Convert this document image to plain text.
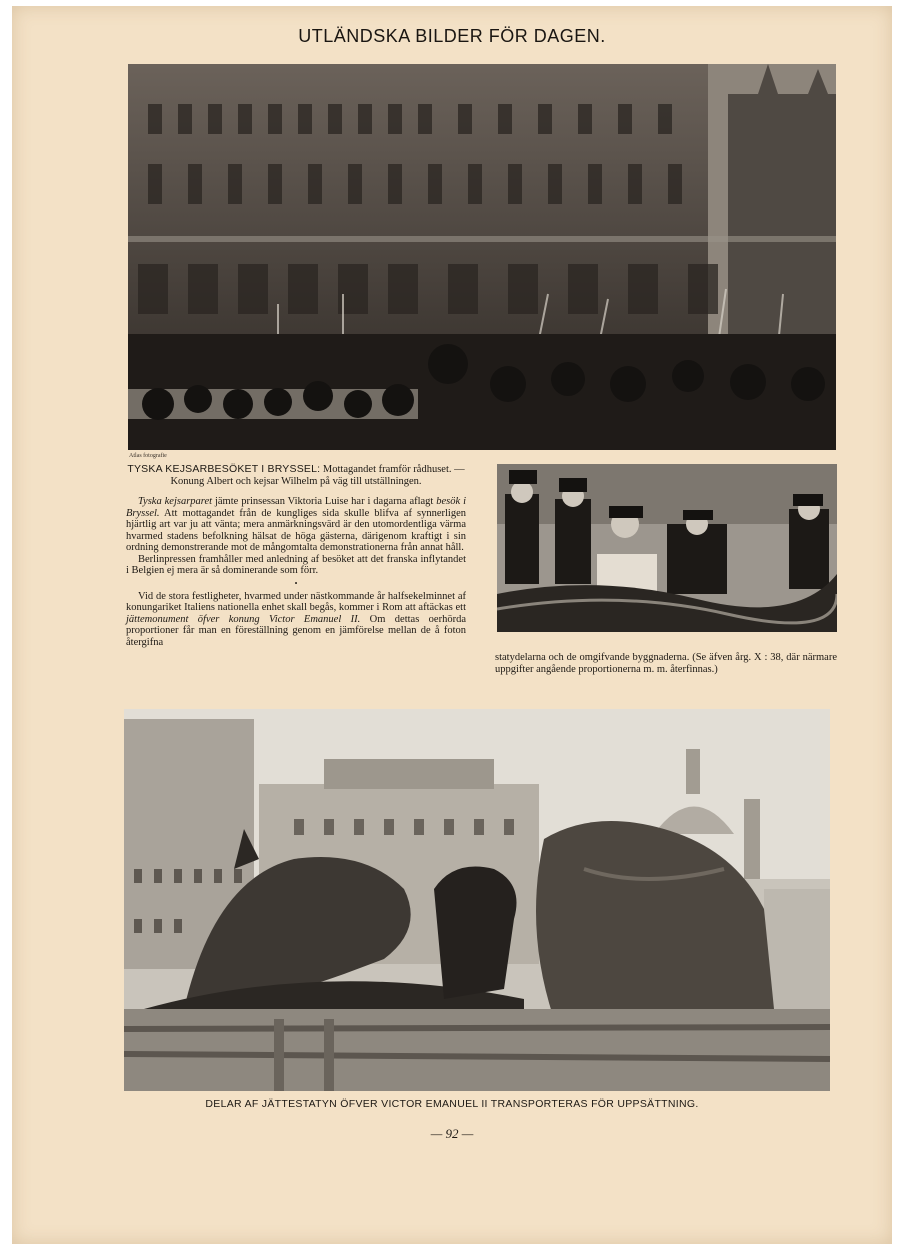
UTLÄNDSKA BILDER FÖR DAGEN.
Atlas fotografie
TYSKA KEJSARBESÖKET I BRYSSEL: Mottagandet framför rådhuset. — Konung Albert och kejsar Wilhelm på väg till utställningen.
Tyska kejsarparet jämte prinsessan Viktoria Luise har i dagarna aflagt besök i Bryssel. Att mottagandet från de kungliges sida skulle blifva af synnerligen hjärtlig art var ju att vänta; mera anmärkningsvärd är den utomordentliga värma hvarmed stadens befolkning hälsat de höga gästerna, därigenom kraftigt i sin ordning demonstrerande mot de mångomtalta demonstrationerna från annat håll.
Berlinpressen framhåller med anledning af besöket att det franska inflytandet i Belgien ej mera är så dominerande som förr.
•
Vid de stora festligheter, hvarmed under nästkommande år halfsekelminnet af konungariket Italiens nationella enhet skall begås, kommer i Rom att aftäckas ett jättemonument öfver konung Victor Emanuel II. Om dettas oerhörda proportioner får man en föreställning genom en jämförelse mellan de å foton återgifna
statydelarna och de omgifvande byggnaderna. (Se äfven årg. X : 38, där närmare uppgifter angående proportionerna m. m. återfinnas.)
DELAR AF JÄTTESTATYN ÖFVER VICTOR EMANUEL II TRANSPORTERAS FÖR UPPSÄTTNING.
— 92 —
